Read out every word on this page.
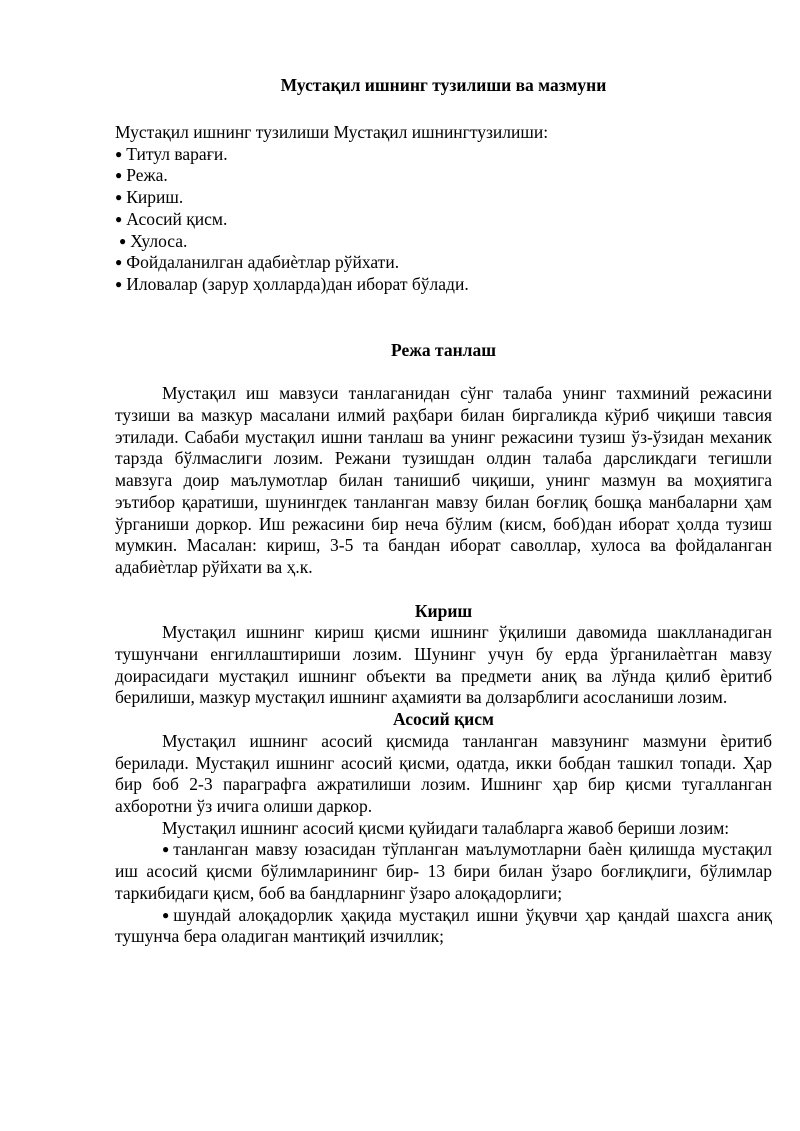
Мустақил ишнинг тузилиши ва мазмуни

Мустақил ишнинг тузилиши Мустақил ишнингтузилиши:

● Титул варағи.

● Режа.

● Кириш.

● Асосий қисм.

● Хулоса.

● Фойдаланилган адабиѐтлар рўйхати.

● Иловалар (зарур ҳолларда)дан иборат бўлади.

Режа танлаш

Мустақил иш мавзуси танлаганидан сўнг талаба унинг тахминий режасини тузиши ва мазкур масалани илмий раҳбари билан биргаликда кўриб чиқиши тавсия этилади. Сабаби мустақил ишни танлаш ва унинг режасини тузиш ўз-ўзидан механик тарзда бўлмаслиги лозим. Режани тузишдан олдин талаба дарсликдаги тегишли мавзуга доир маълумотлар билан танишиб чиқиши, унинг мазмун ва моҳиятига эътибор қаратиши, шунингдек танланган мавзу билан боғлиқ бошқа манбаларни ҳам ўрганиши доркор. Иш режасини бир неча бўлим (кисм, боб)дан иборат ҳолда тузиш мумкин. Масалан: кириш, 3-5 та бандан иборат саволлар, хулоса ва фойдаланган адабиѐтлар рўйхати ва ҳ.к.

Кириш

Мустақил ишнинг кириш қисми ишнинг ўқилиши давомида шаклланадиган тушунчани енгиллаштириши лозим. Шунинг учун бу ерда ўрганилаѐтган мавзу доирасидаги мустақил ишнинг объекти ва предмети аниқ ва лўнда қилиб ѐритиб берилиши, мазкур мустақил ишнинг аҳамияти ва долзарблиги асосланиши лозим.

Асосий қисм

Мустақил ишнинг асосий қисмида танланган мавзунинг мазмуни ѐритиб берилади. Мустақил ишнинг асосий қисми, одатда, икки бобдан ташкил топади. Ҳар бир боб 2-3 параграфга ажратилиши лозим. Ишнинг ҳар бир қисми тугалланган ахборотни ўз ичига олиши даркор.

Мустақил ишнинг асосий қисми қуйидаги талабларга жавоб бериши лозим:

● танланган мавзу юзасидан тўпланган маълумотларни баѐн қилишда мустақил иш асосий қисми бўлимларининг бир- 13 бири билан ўзаро боғлиқлиги, бўлимлар таркибидаги қисм, боб ва бандларнинг ўзаро алоқадорлиги;

● шундай алоқадорлик ҳақида мустақил ишни ўқувчи ҳар қандай шахсга аниқ тушунча бера оладиган мантиқий изчиллик;
